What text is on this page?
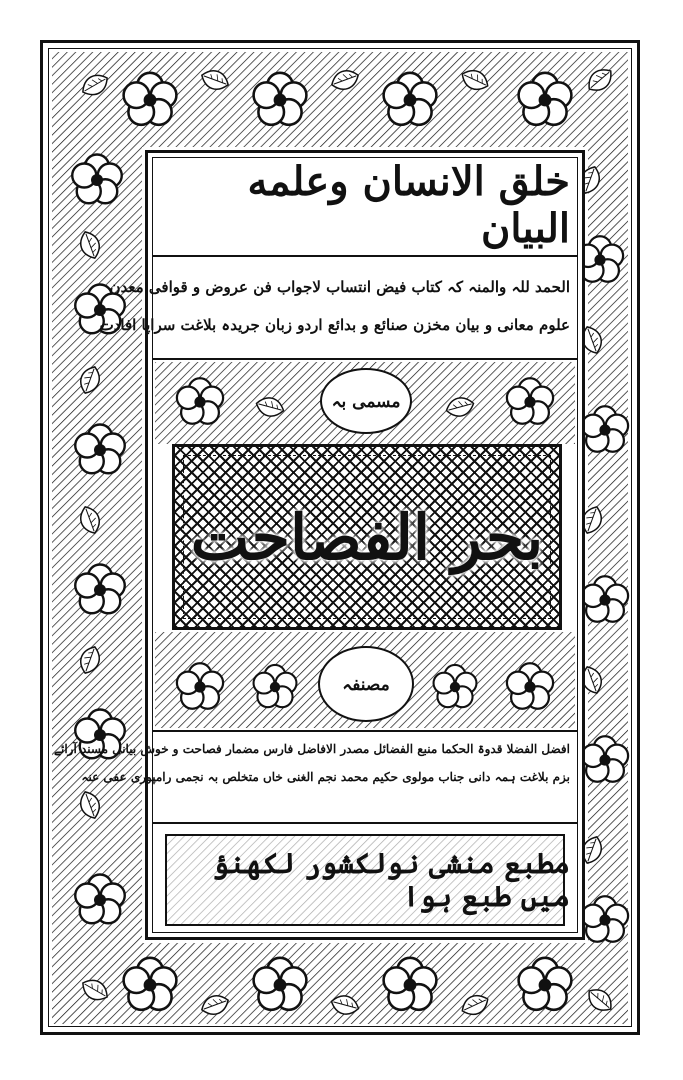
خلق الانسان وعلمه البیان
الحمد للہ والمنہ کہ کتاب فیض انتساب لاجواب فن عروض و قوافی معدن
علوم معانی و بیان مخزن صنائع و بدائع اردو زبان جریدہ بلاغت سراپا افادت
مسمی بہ
بحر الفصاحت
مصنفہ
افضل الفضلا قدوۃ الحکما منبع الفضائل مصدر الافاضل فارس مضمار فصاحت و خوش بیانی مسند آرائے
بزم بلاغت ہمہ دانی جناب مولوی حکیم محمد نجم الغنی خاں متخلص بہ نجمی رامپوری عفی عنہ
مطبع منشی نولکشور لکھنؤ میں طبع ہوا
